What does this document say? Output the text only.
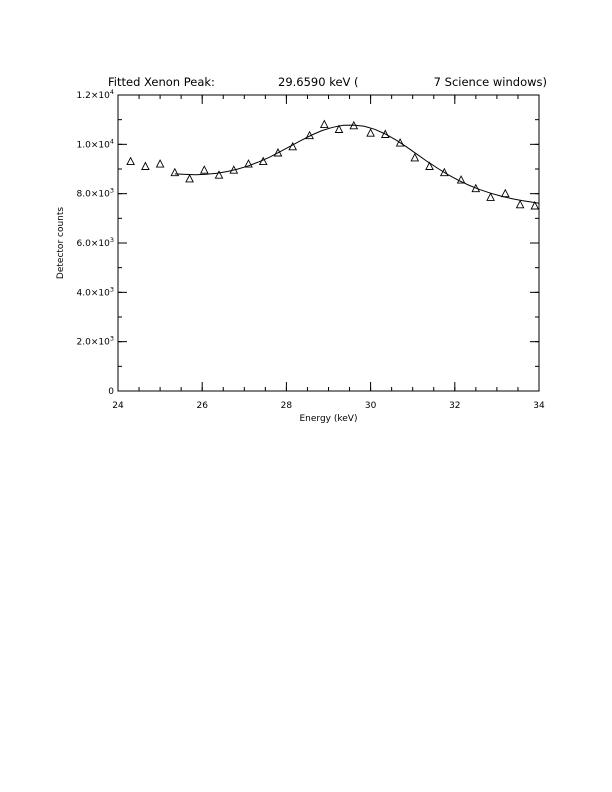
Fitted Xenon Peak:	29.6590 keV (	7 Science windows)
24	26	28	30	32	34
0
$2.0\times 10^3$
$4.0\times 10^3$
$6.0\times 10^3$
$8.0\times 10^3$
$1.0\times 10^4$
$1.2\times 10^4$
Energy (keV)
Detector counts
